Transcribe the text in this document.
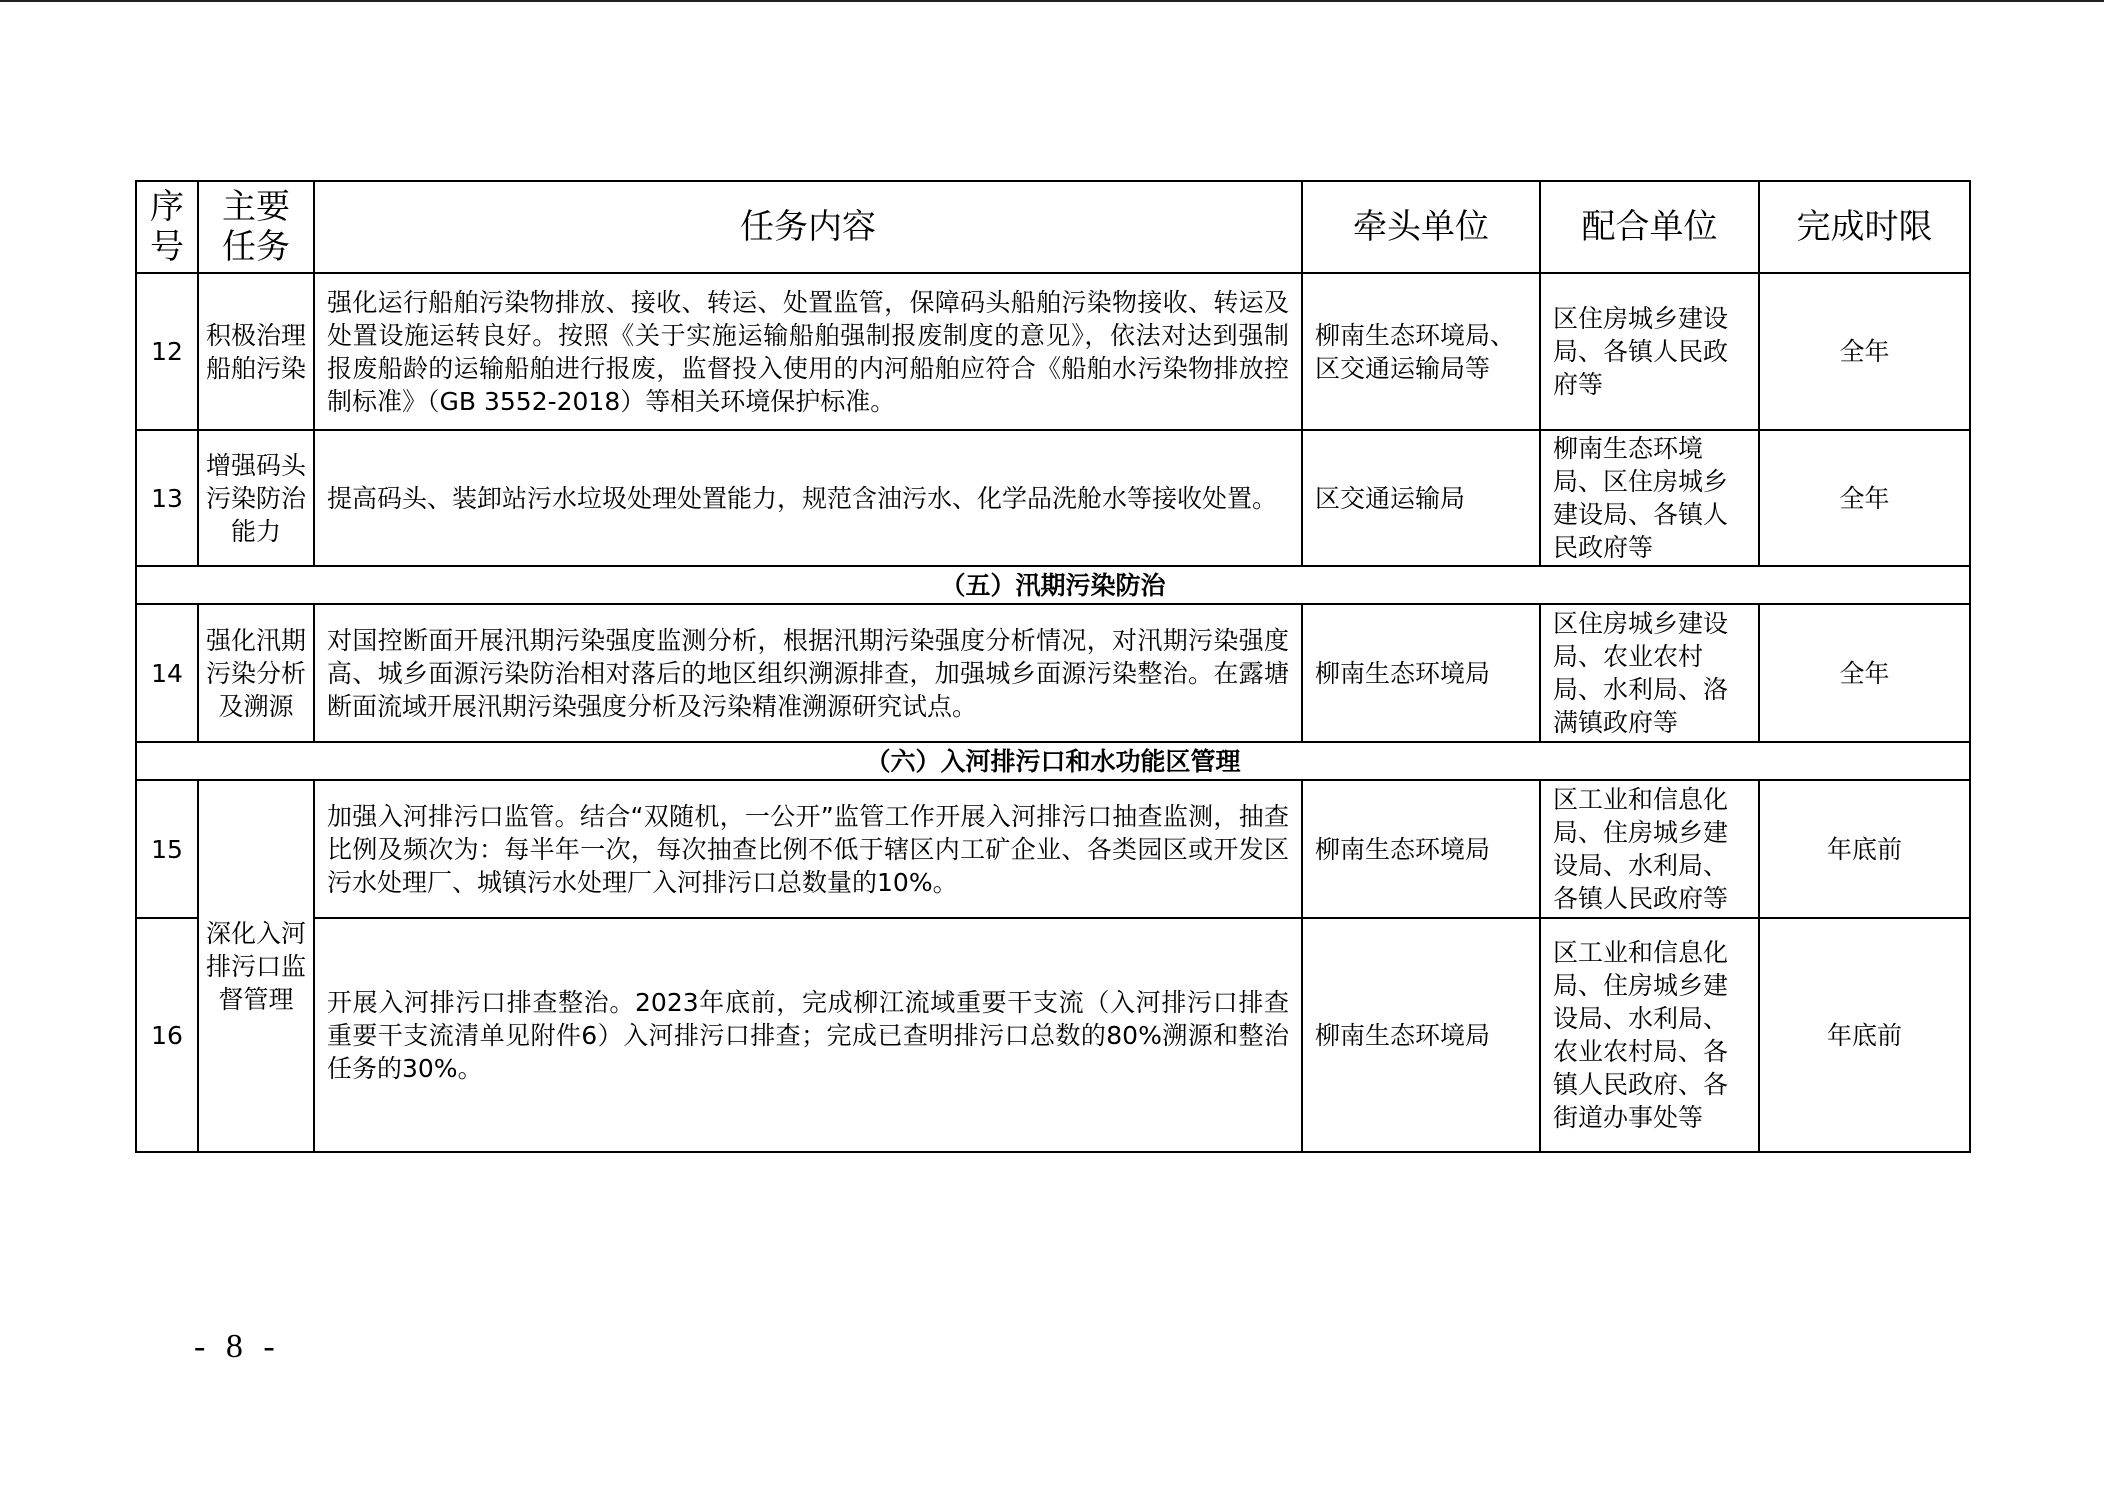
序号	主要任务	任务内容	牵头单位	配合单位	完成时限
12	积极治理船舶污染	强化运行船舶污染物排放、接收、转运、处置监管，保障码头船舶污染物接收、转运及处置设施运转良好。按照《关于实施运输船舶强制报废制度的意见》，依法对达到强制报废船龄的运输船舶进行报废，监督投入使用的内河船舶应符合《船舶水污染物排放控制标准》（GB 3552-2018）等相关环境保护标准。	柳南生态环境局、区交通运输局等	区住房城乡建设局、各镇人民政府等	全年
13	增强码头污染防治能力	提高码头、装卸站污水垃圾处理处置能力，规范含油污水、化学品洗舱水等接收处置。	区交通运输局	柳南生态环境局、区住房城乡建设局、各镇人民政府等	全年
（五）汛期污染防治					
14	强化汛期污染分析及溯源	对国控断面开展汛期污染强度监测分析，根据汛期污染强度分析情况，对汛期污染强度高、城乡面源污染防治相对落后的地区组织溯源排查，加强城乡面源污染整治。在露塘断面流域开展汛期污染强度分析及污染精准溯源研究试点。	柳南生态环境局	区住房城乡建设局、农业农村局、水利局、洛满镇政府等	全年
（六）入河排污口和水功能区管理					
15	深化入河排污口监督管理	加强入河排污口监管。结合“双随机，一公开”监管工作开展入河排污口抽查监测，抽查比例及频次为：每半年一次，每次抽查比例不低于辖区内工矿企业、各类园区或开发区污水处理厂、城镇污水处理厂入河排污口总数量的10%。	柳南生态环境局	区工业和信息化局、住房城乡建设局、水利局、各镇人民政府等	年底前
16		开展入河排污口排查整治。2023年底前，完成柳江流域重要干支流（入河排污口排查重要干支流清单见附件6）入河排污口排查；完成已查明排污口总数的80%溯源和整治任务的30%。	柳南生态环境局	区工业和信息化局、住房城乡建设局、水利局、农业农村局、各镇人民政府、各街道办事处等	年底前
- 8 -
